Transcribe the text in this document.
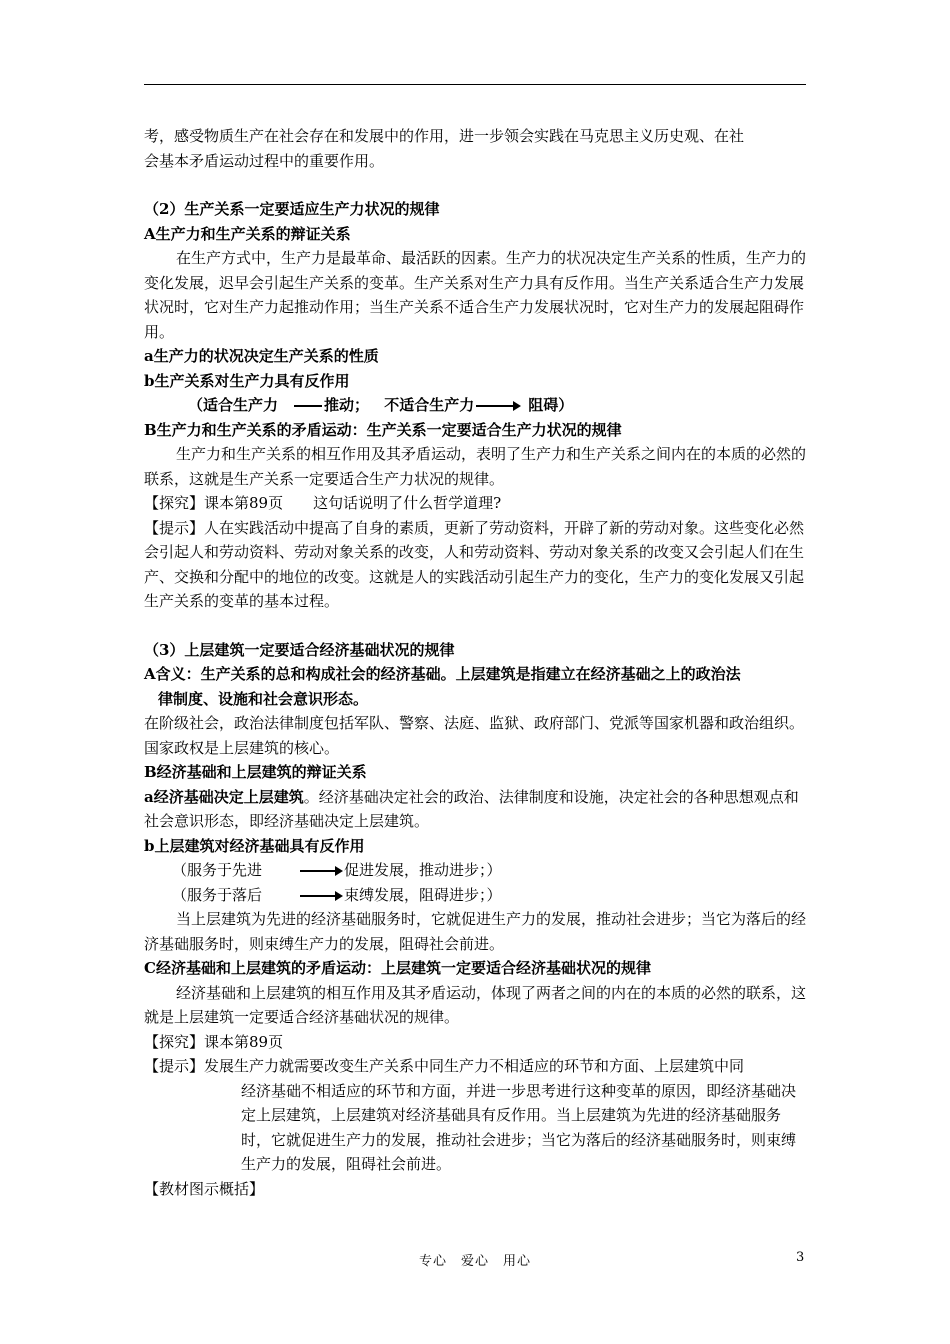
考，感受物质生产在社会存在和发展中的作用，进一步领会实践在马克思主义历史观、在社

会基本矛盾运动过程中的重要作用。

（2）生产关系一定要适应生产力状况的规律

A生产力和生产关系的辩证关系

在生产方式中，生产力是最革命、最活跃的因素。生产力的状况决定生产关系的性质，生产力的变化发展，迟早会引起生产关系的变革。生产关系对生产力具有反作用。当生产关系适合生产力发展状况时，它对生产力起推动作用；当生产关系不适合生产力发展状况时，它对生产力的发展起阻碍作用。

a生产力的状况决定生产关系的性质

b生产关系对生产力具有反作用

（适合生产力	推动； 不适合生产力	阻碍）

B生产力和生产关系的矛盾运动：生产关系一定要适合生产力状况的规律

生产力和生产关系的相互作用及其矛盾运动，表明了生产力和生产关系之间内在的本质的必然的联系，这就是生产关系一定要适合生产力状况的规律。

【探究】课本第89页　　这句话说明了什么哲学道理?

【提示】人在实践活动中提高了自身的素质，更新了劳动资料，开辟了新的劳动对象。这些变化必然会引起人和劳动资料、劳动对象关系的改变，人和劳动资料、劳动对象关系的改变又会引起人们在生产、交换和分配中的地位的改变。这就是人的实践活动引起生产力的变化，生产力的变化发展又引起生产关系的变革的基本过程。

（3）上层建筑一定要适合经济基础状况的规律

A含义：生产关系的总和构成社会的经济基础。上层建筑是指建立在经济基础之上的政治法

律制度、设施和社会意识形态。

在阶级社会，政治法律制度包括军队、警察、法庭、监狱、政府部门、党派等国家机器和政治组织。国家政权是上层建筑的核心。

B经济基础和上层建筑的辩证关系

a经济基础决定上层建筑。经济基础决定社会的政治、法律制度和设施，决定社会的各种思想观点和社会意识形态，即经济基础决定上层建筑。

b上层建筑对经济基础具有反作用

（服务于先进	促进发展，推动进步；）

（服务于落后	束缚发展，阻碍进步；）

当上层建筑为先进的经济基础服务时，它就促进生产力的发展，推动社会进步；当它为落后的经济基础服务时，则束缚生产力的发展，阻碍社会前进。

C经济基础和上层建筑的矛盾运动：上层建筑一定要适合经济基础状况的规律

经济基础和上层建筑的相互作用及其矛盾运动，体现了两者之间的内在的本质的必然的联系，这就是上层建筑一定要适合经济基础状况的规律。

【探究】课本第89页

【提示】发展生产力就需要改变生产关系中同生产力不相适应的环节和方面、上层建筑中同

经济基础不相适应的环节和方面，并进一步思考进行这种变革的原因，即经济基础决定上层建筑，上层建筑对经济基础具有反作用。当上层建筑为先进的经济基础服务时，它就促进生产力的发展，推动社会进步；当它为落后的经济基础服务时，则束缚生产力的发展，阻碍社会前进。

【教材图示概括】

专心　爱心　用心	3
